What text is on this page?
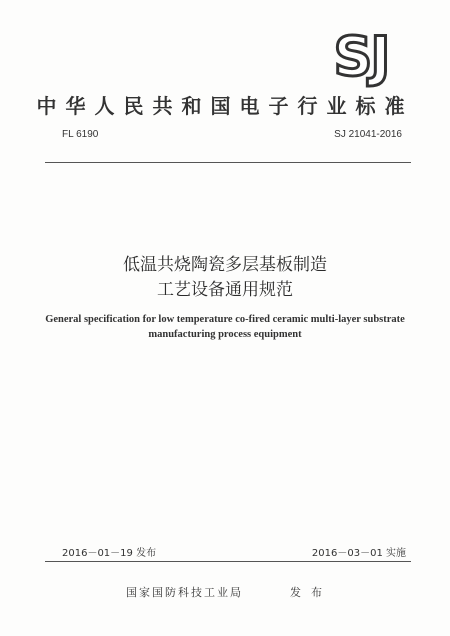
SJ
中华人民共和国电子行业标准
FL 6190	SJ 21041-2016
低温共烧陶瓷多层基板制造
工艺设备通用规范
General specification for low temperature co-fired ceramic multi-layer substrate
manufacturing process equipment
2016－01－19 发布	2016－03－01 实施
国家国防科技工业局	发布
